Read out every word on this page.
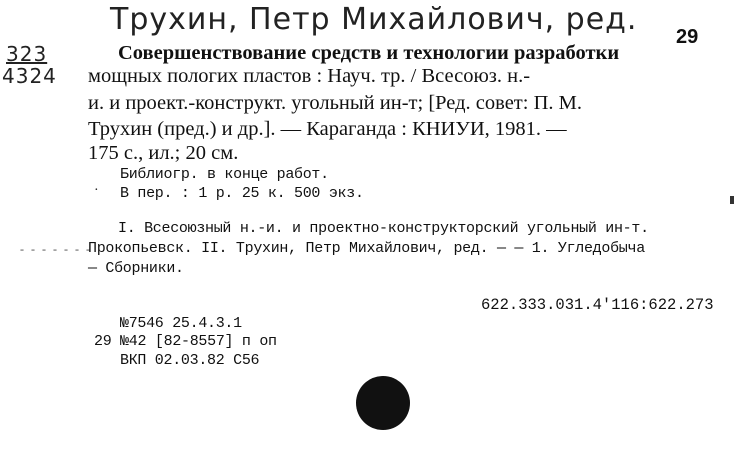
Трухин, Петр Михайлович, ред. 29
323
4324
Совершенствование средств и технологии разработки
мощных пологих пластов : Науч. тр. / Всесоюз. н.-
и. и проект.-конструкт. угольный ин-т; [Ред. совет: П. М.
Трухин (пред.) и др.]. — Караганда : КНИУИ, 1981. —
175 с., ил.; 20 см.
Библиогр. в конце работ.
· В пер. : 1 р. 25 к. 500 экз.
I. Всесоюзный н.-и. и проектно-конструкторский угольный ин-т.
- - - - - - -
Прокопьевск. II. Трухин, Петр Михайлович, ред. — — 1. Угледобыча
— Сборники.
622.333.031.4'116:622.273
№7546 25.4.3.1
29 №42 [82-8557] п оп
ВКП 02.03.82 С56
